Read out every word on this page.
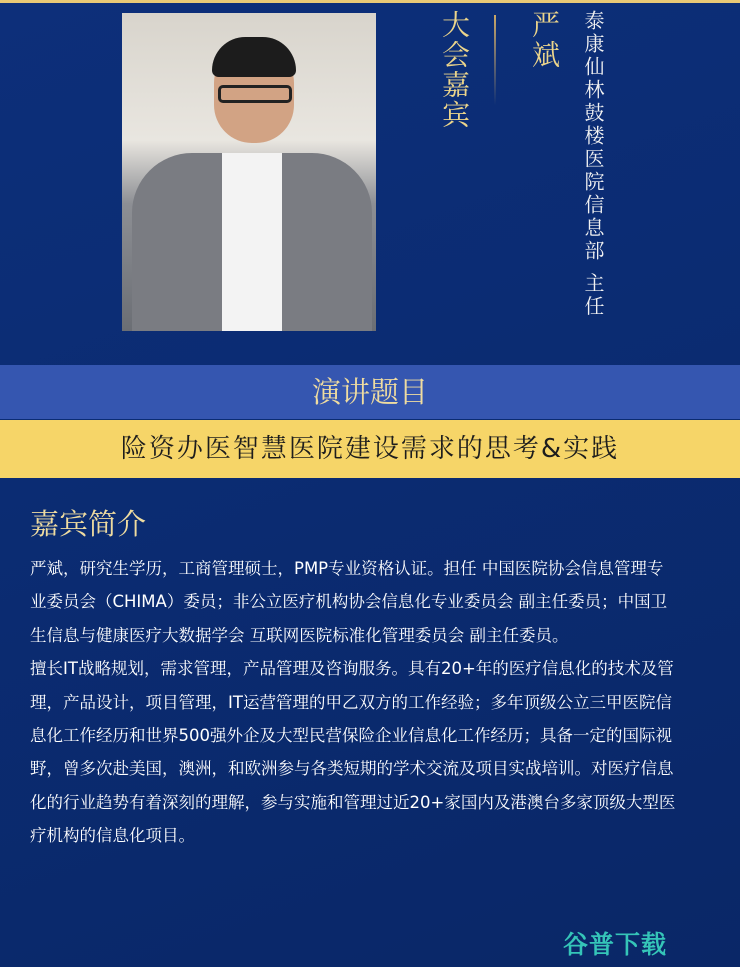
大会嘉宾 严斌 泰康仙林鼓楼医院信息部 主任
演讲题目
险资办医智慧医院建设需求的思考&实践
嘉宾简介
严斌，研究生学历，工商管理硕士，PMP专业资格认证。担任 中国医院协会信息管理专
业委员会（CHIMA）委员；非公立医疗机构协会信息化专业委员会 副主任委员；中国卫
生信息与健康医疗大数据学会 互联网医院标准化管理委员会 副主任委员。
擅长IT战略规划，需求管理，产品管理及咨询服务。具有20+年的医疗信息化的技术及管
理，产品设计，项目管理，IT运营管理的甲乙双方的工作经验；多年顶级公立三甲医院信
息化工作经历和世界500强外企及大型民营保险企业信息化工作经历；具备一定的国际视
野，曾多次赴美国，澳洲，和欧洲参与各类短期的学术交流及项目实战培训。对医疗信息
化的行业趋势有着深刻的理解，参与实施和管理过近20+家国内及港澳台多家顶级大型医
疗机构的信息化项目。
谷普下载
